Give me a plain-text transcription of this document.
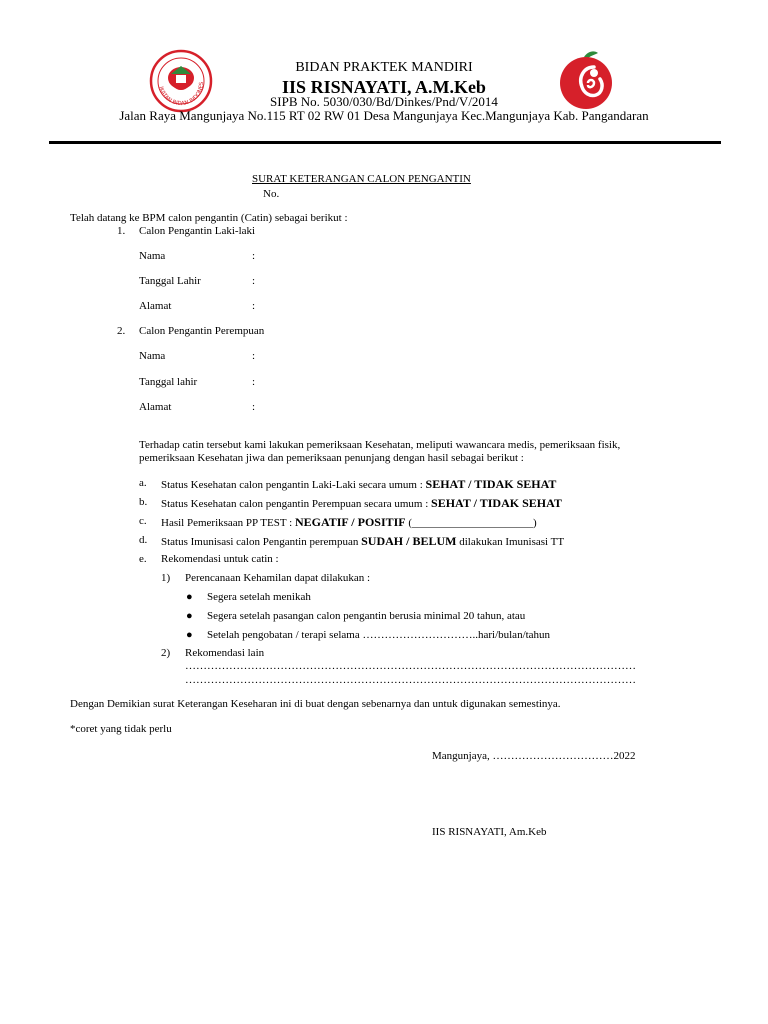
IKATAN BIDAN INDONES
BIDAN PRAKTEK MANDIRI
IIS RISNAYATI, A.M.Keb
SIPB No. 5030/030/Bd/Dinkes/Pnd/V/2014
Jalan Raya Mangunjaya No.115 RT 02 RW 01 Desa Mangunjaya Kec.Mangunjaya Kab. Pangandaran
SURAT KETERANGAN CALON PENGANTIN
No.
Telah datang ke BPM calon pengantin (Catin) sebagai berikut :
1. Calon Pengantin Laki-laki
Nama	:
Tanggal Lahir	:
Alamat	:
2. Calon Pengantin Perempuan
Nama	:
Tanggal lahir	:
Alamat	:
Terhadap catin tersebut kami lakukan pemeriksaan Kesehatan, meliputi wawancara medis, pemeriksaan fisik,
pemeriksaan Kesehatan jiwa dan pemeriksaan penunjang dengan hasil sebagai berikut :
a. Status Kesehatan calon pengantin Laki-Laki secara umum : SEHAT / TIDAK SEHAT
b. Status Kesehatan calon pengantin Perempuan secara umum : SEHAT / TIDAK SEHAT
c. Hasil Pemeriksaan PP TEST : NEGATIF / POSITIF (______________________)
d. Status Imunisasi calon Pengantin perempuan SUDAH / BELUM dilakukan Imunisasi TT
e. Rekomendasi untuk catin :
1) Perencanaan Kehamilan dapat dilakukan :
● Segera setelah menikah
● Segera setelah pasangan calon pengantin berusia minimal 20 tahun, atau
● Setelah pengobatan / terapi selama …………………………..hari/bulan/tahun
2) Rekomendasi lain
……………………………………………………………………………………………………………
……………………………………………………………………………………………………………
Dengan Demikian surat Keterangan Keseharan ini di buat dengan sebenarnya dan untuk digunakan semestinya.
*coret yang tidak perlu
Mangunjaya, ……………………………2022
IIS RISNAYATI, Am.Keb
